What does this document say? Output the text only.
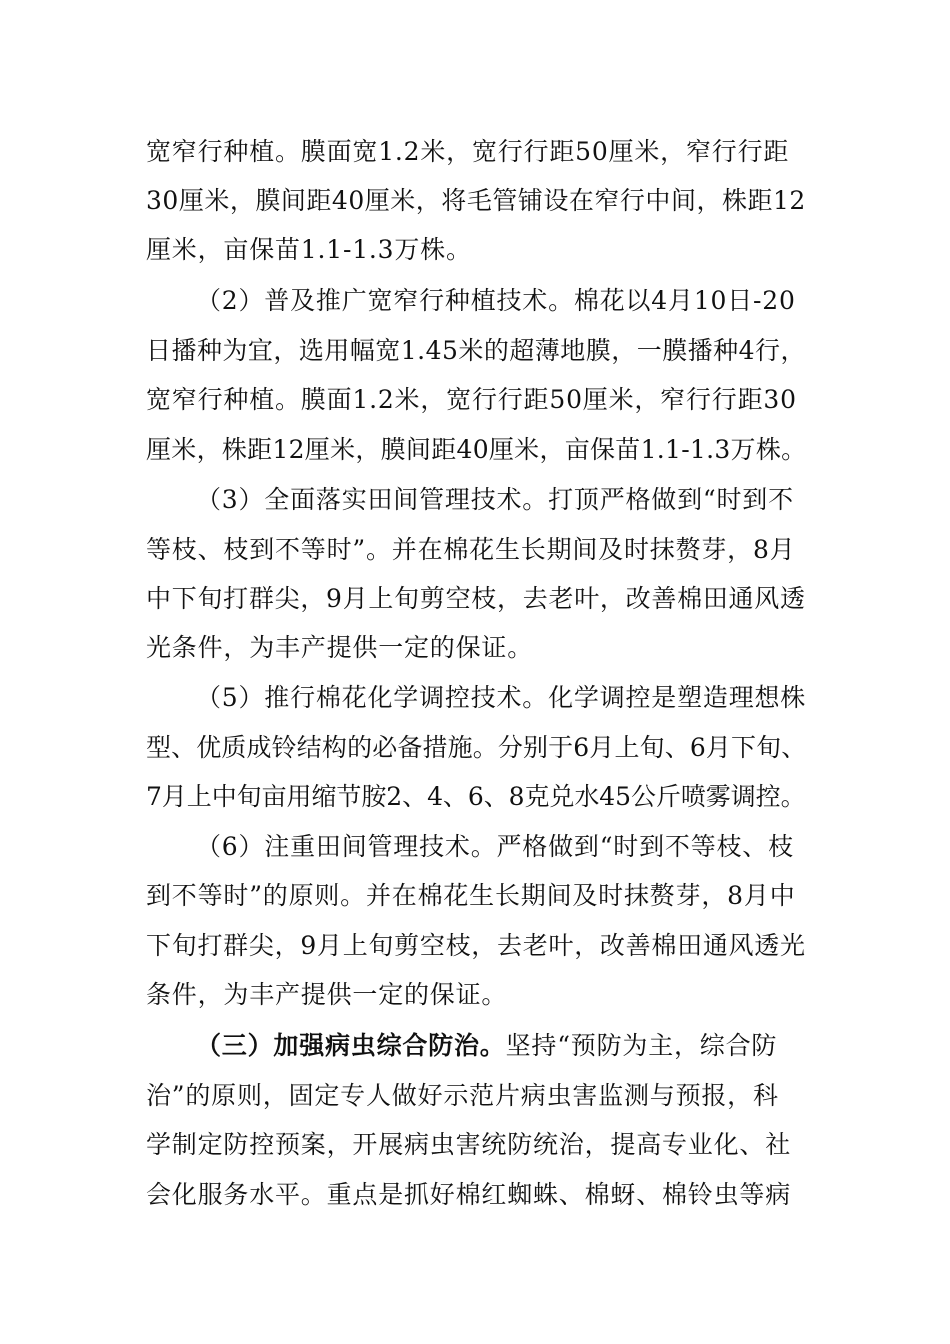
宽窄行种植。膜面宽1.2米，宽行行距50厘米，窄行行距
30厘米，膜间距40厘米，将毛管铺设在窄行中间，株距12
厘米，亩保苗1.1-1.3万株。
（2）普及推广宽窄行种植技术。棉花以4月10日-20
日播种为宜，选用幅宽1.45米的超薄地膜，一膜播种4行，
宽窄行种植。膜面1.2米，宽行行距50厘米，窄行行距30
厘米，株距12厘米，膜间距40厘米，亩保苗1.1-1.3万株。
（3）全面落实田间管理技术。打顶严格做到“时到不
等枝、枝到不等时”。并在棉花生长期间及时抹赘芽，8月
中下旬打群尖，9月上旬剪空枝，去老叶，改善棉田通风透
光条件，为丰产提供一定的保证。
（5）推行棉花化学调控技术。化学调控是塑造理想株
型、优质成铃结构的必备措施。分别于6月上旬、6月下旬、
7月上中旬亩用缩节胺2、4、6、8克兑水45公斤喷雾调控。
（6）注重田间管理技术。严格做到“时到不等枝、枝
到不等时”的原则。并在棉花生长期间及时抹赘芽，8月中
下旬打群尖，9月上旬剪空枝，去老叶，改善棉田通风透光
条件，为丰产提供一定的保证。
（三）加强病虫综合防治。坚持“预防为主，综合防
治”的原则，固定专人做好示范片病虫害监测与预报，科
学制定防控预案，开展病虫害统防统治，提高专业化、社
会化服务水平。重点是抓好棉红蜘蛛、棉蚜、棉铃虫等病
